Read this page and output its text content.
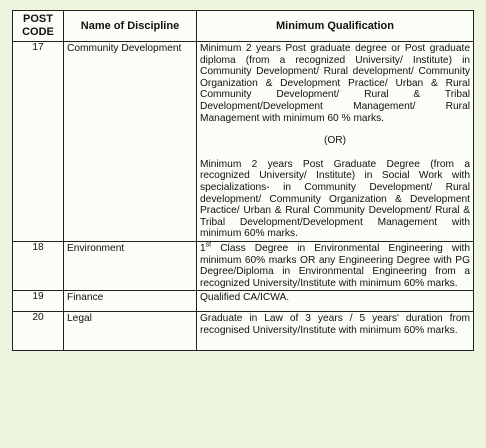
POST CODE	Name of Discipline	Minimum Qualification
17	Community Development	Minimum 2 years Post graduate degree or Post graduate diploma (from a recognized University/ Institute) in Community Development/ Rural development/ Community Organization & Development Practice/ Urban & Rural Community Development/ Rural & Tribal Development/Development Management/ Rural Management with minimum 60 % marks.

(OR)

Minimum 2 years Post Graduate Degree (from a recognized University/ Institute) in Social Work with specializations- in Community Development/ Rural development/ Community Organization & Development Practice/ Urban & Rural Community Development/ Rural & Tribal Development/Development Management with minimum 60% marks.

18	Environment	1st Class Degree in Environmental Engineering with minimum 60% marks OR any Engineering Degree with PG Degree/Diploma in Environmental Engineering from a recognized University/Institute with minimum 60% marks.
19	Finance	Qualified CA/ICWA.
20	Legal	Graduate in Law of 3 years / 5 years' duration from recognised University/Institute with minimum 60% marks.
